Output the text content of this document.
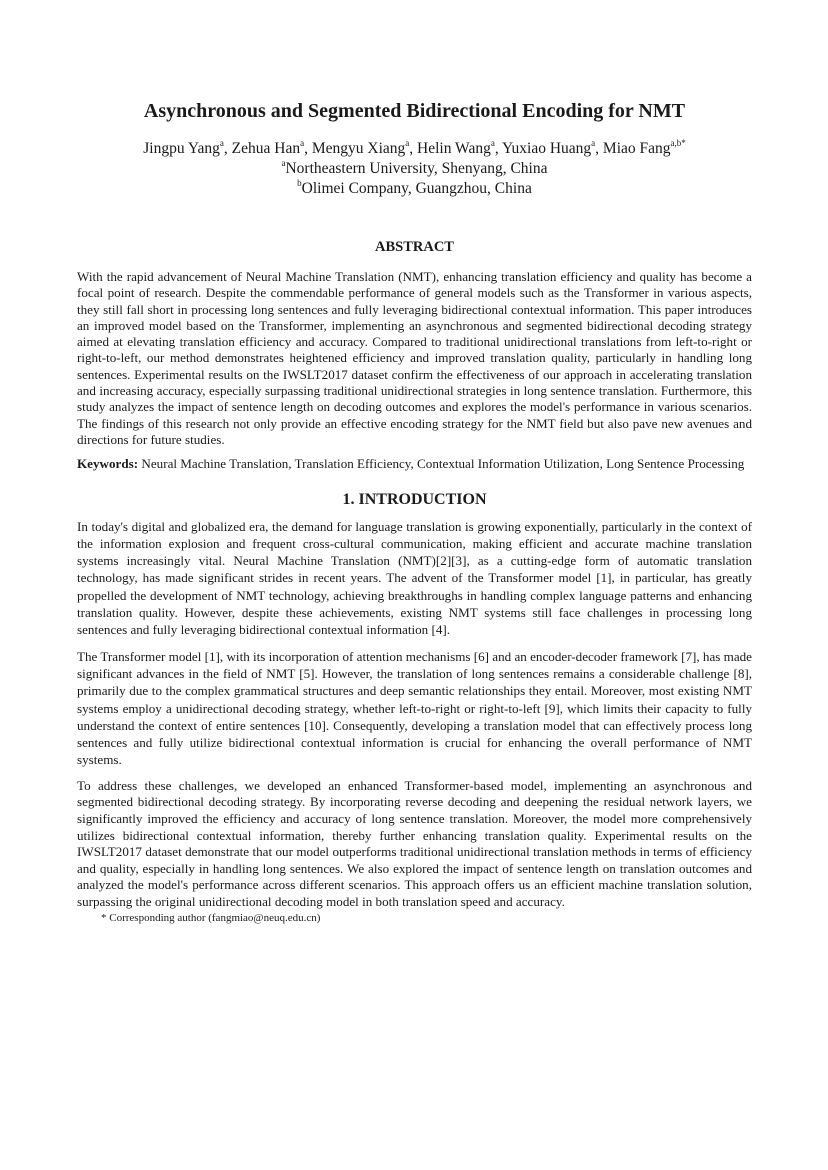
Asynchronous and Segmented Bidirectional Encoding for NMT

Jingpu Yang$^a$, Zehua Han$^a$, Mengyu Xiang$^a$, Helin Wang$^a$, Yuxiao Huang$^a$, Miao Fang$^{a,b*}$

$^a$Northeastern University, Shenyang, China

$^b$Olimei Company, Guangzhou, China

ABSTRACT

With the rapid advancement of Neural Machine Translation (NMT), enhancing translation efficiency and quality has become a focal point of research. Despite the commendable performance of general models such as the Transformer in various aspects, they still fall short in processing long sentences and fully leveraging bidirectional contextual information. This paper introduces an improved model based on the Transformer, implementing an asynchronous and segmented bidirectional decoding strategy aimed at elevating translation efficiency and accuracy. Compared to traditional unidirectional translations from left-to-right or right-to-left, our method demonstrates heightened efficiency and improved translation quality, particularly in handling long sentences. Experimental results on the IWSLT2017 dataset confirm the effectiveness of our approach in accelerating translation and increasing accuracy, especially surpassing traditional unidirectional strategies in long sentence translation. Furthermore, this study analyzes the impact of sentence length on decoding outcomes and explores the model's performance in various scenarios. The findings of this research not only provide an effective encoding strategy for the NMT field but also pave new avenues and directions for future studies.

Keywords: Neural Machine Translation, Translation Efficiency, Contextual Information Utilization, Long Sentence Processing

1. INTRODUCTION

In today's digital and globalized era, the demand for language translation is growing exponentially, particularly in the context of the information explosion and frequent cross-cultural communication, making efficient and accurate machine translation systems increasingly vital. Neural Machine Translation (NMT)[2][3], as a cutting-edge form of automatic translation technology, has made significant strides in recent years. The advent of the Transformer model [1], in particular, has greatly propelled the development of NMT technology, achieving breakthroughs in handling complex language patterns and enhancing translation quality. However, despite these achievements, existing NMT systems still face challenges in processing long sentences and fully leveraging bidirectional contextual information [4].

The Transformer model [1], with its incorporation of attention mechanisms [6] and an encoder-decoder framework [7], has made significant advances in the field of NMT [5]. However, the translation of long sentences remains a considerable challenge [8], primarily due to the complex grammatical structures and deep semantic relationships they entail. Moreover, most existing NMT systems employ a unidirectional decoding strategy, whether left-to-right or right-to-left [9], which limits their capacity to fully understand the context of entire sentences [10]. Consequently, developing a translation model that can effectively process long sentences and fully utilize bidirectional contextual information is crucial for enhancing the overall performance of NMT systems.

To address these challenges, we developed an enhanced Transformer-based model, implementing an asynchronous and segmented bidirectional decoding strategy. By incorporating reverse decoding and deepening the residual network layers, we significantly improved the efficiency and accuracy of long sentence translation. Moreover, the model more comprehensively utilizes bidirectional contextual information, thereby further enhancing translation quality. Experimental results on the IWSLT2017 dataset demonstrate that our model outperforms traditional unidirectional translation methods in terms of efficiency and quality, especially in handling long sentences. We also explored the impact of sentence length on translation outcomes and analyzed the model's performance across different scenarios. This approach offers us an efficient machine translation solution, surpassing the original unidirectional decoding model in both translation speed and accuracy.

* Corresponding author (fangmiao@neuq.edu.cn)
